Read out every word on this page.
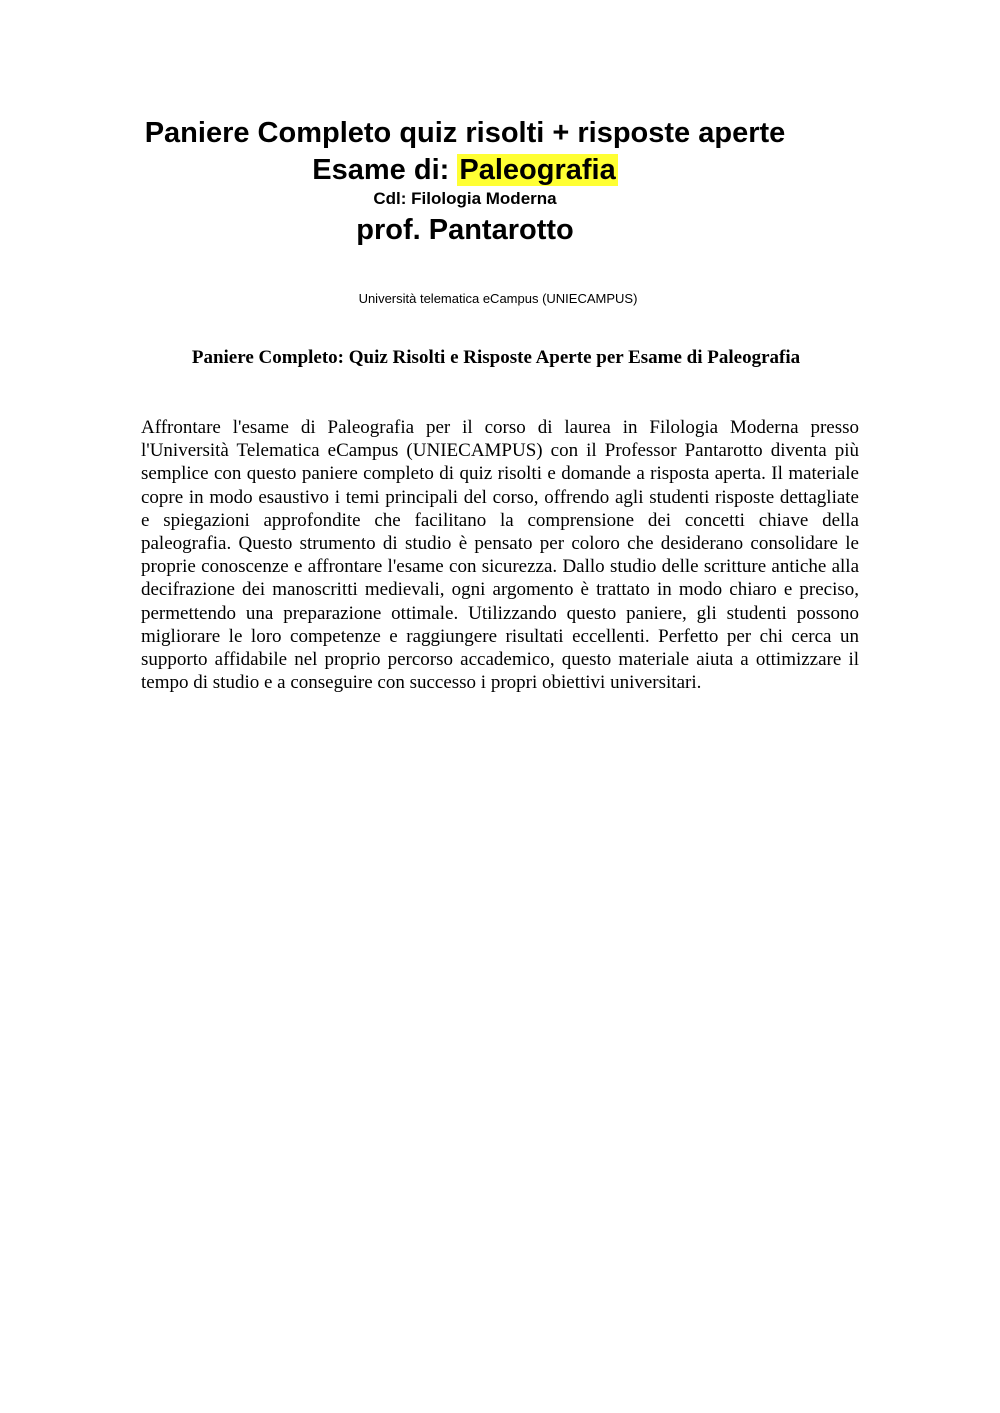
Paniere Completo quiz risolti + risposte aperte
Esame di: Paleografia
Cdl: Filologia Moderna
prof. Pantarotto
Università telematica eCampus (UNIECAMPUS)
Paniere Completo: Quiz Risolti e Risposte Aperte per Esame di Paleografia

Affrontare l'esame di Paleografia per il corso di laurea in Filologia Moderna presso l'Università Telematica eCampus (UNIECAMPUS) con il Professor Pantarotto diventa più semplice con questo paniere completo di quiz risolti e domande a risposta aperta. Il materiale copre in modo esaustivo i temi principali del corso, offrendo agli studenti risposte dettagliate e spiegazioni approfondite che facilitano la comprensione dei concetti chiave della paleografia. Questo strumento di studio è pensato per coloro che desiderano consolidare le proprie conoscenze e affrontare l'esame con sicurezza. Dallo studio delle scritture antiche alla decifrazione dei manoscritti medievali, ogni argomento è trattato in modo chiaro e preciso, permettendo una preparazione ottimale. Utilizzando questo paniere, gli studenti possono migliorare le loro competenze e raggiungere risultati eccellenti. Perfetto per chi cerca un supporto affidabile nel proprio percorso accademico, questo materiale aiuta a ottimizzare il tempo di studio e a conseguire con successo i propri obiettivi universitari.
